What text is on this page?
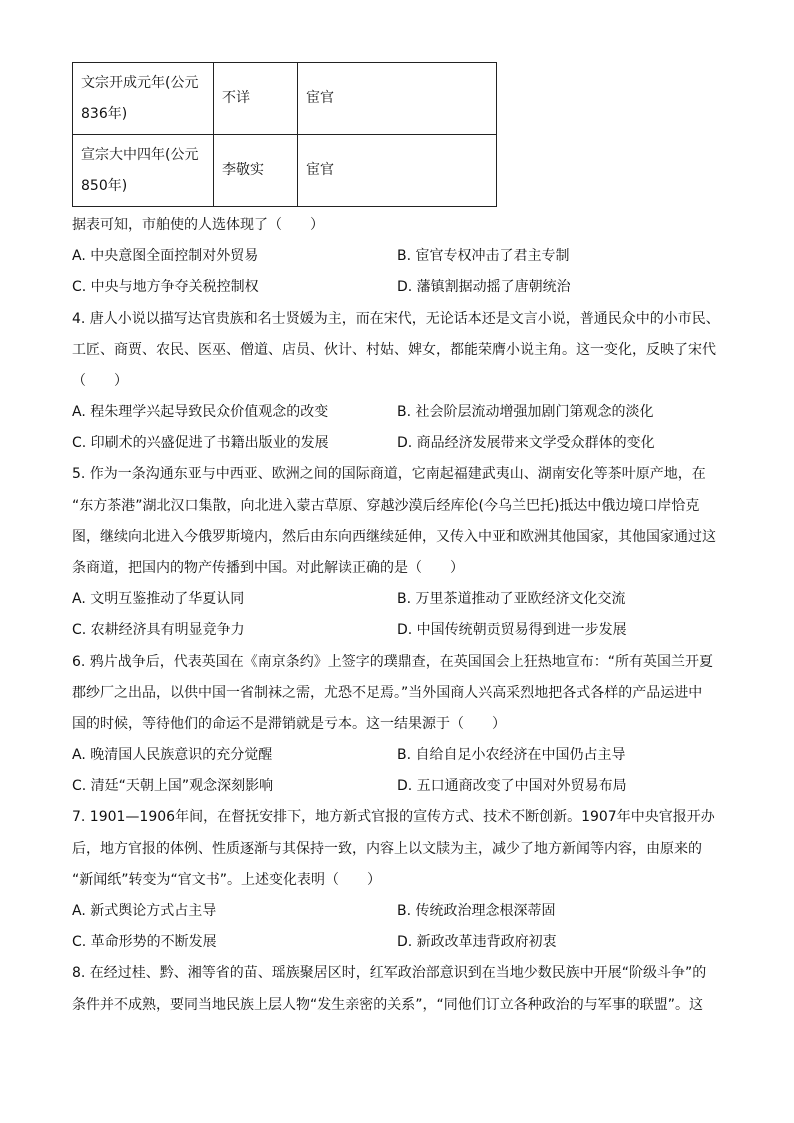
文宗开成元年(公元
836年)	不详	宦官

宣宗大中四年(公元
850年)	李敬实	宦官
据表可知，市舶使的人选体现了（　　）
A. 中央意图全面控制对外贸易	B. 宦官专权冲击了君主专制
C. 中央与地方争夺关税控制权	D. 藩镇割据动摇了唐朝统治
4. 唐人小说以描写达官贵族和名士贤媛为主，而在宋代，无论话本还是文言小说，普通民众中的小市民、
工匠、商贾、农民、医巫、僧道、店员、伙计、村姑、婢女，都能荣膺小说主角。这一变化，反映了宋代
（　　）
A. 程朱理学兴起导致民众价值观念的改变	B. 社会阶层流动增强加剧门第观念的淡化
C. 印刷术的兴盛促进了书籍出版业的发展	D. 商品经济发展带来文学受众群体的变化
5. 作为一条沟通东亚与中西亚、欧洲之间的国际商道，它南起福建武夷山、湖南安化等茶叶原产地，在
“东方茶港”湖北汉口集散，向北进入蒙古草原、穿越沙漠后经库伦(今乌兰巴托)抵达中俄边境口岸恰克
图，继续向北进入今俄罗斯境内，然后由东向西继续延伸，又传入中亚和欧洲其他国家，其他国家通过这
条商道，把国内的物产传播到中国。对此解读正确的是（　　）
A. 文明互鉴推动了华夏认同	B. 万里茶道推动了亚欧经济文化交流
C. 农耕经济具有明显竞争力	D. 中国传统朝贡贸易得到进一步发展
6. 鸦片战争后，代表英国在《南京条约》上签字的璞鼎查，在英国国会上狂热地宣布：“所有英国兰开夏
郡纱厂之出品，以供中国一省制袜之需，尤恐不足焉。”当外国商人兴高采烈地把各式各样的产品运进中
国的时候，等待他们的命运不是滞销就是亏本。这一结果源于（　　）
A. 晚清国人民族意识的充分觉醒	B. 自给自足小农经济在中国仍占主导
C. 清廷“天朝上国”观念深刻影响	D. 五口通商改变了中国对外贸易布局
7. 1901—1906年间，在督抚安排下，地方新式官报的宣传方式、技术不断创新。1907年中央官报开办
后，地方官报的体例、性质逐渐与其保持一致，内容上以文牍为主，减少了地方新闻等内容，由原来的
“新闻纸”转变为“官文书”。上述变化表明（　　）
A. 新式舆论方式占主导	B. 传统政治理念根深蒂固
C. 革命形势的不断发展	D. 新政改革违背政府初衷
8. 在经过桂、黔、湘等省的苗、瑶族聚居区时，红军政治部意识到在当地少数民族中开展“阶级斗争”的
条件并不成熟，要同当地民族上层人物“发生亲密的关系”，“同他们订立各种政治的与军事的联盟”。这
